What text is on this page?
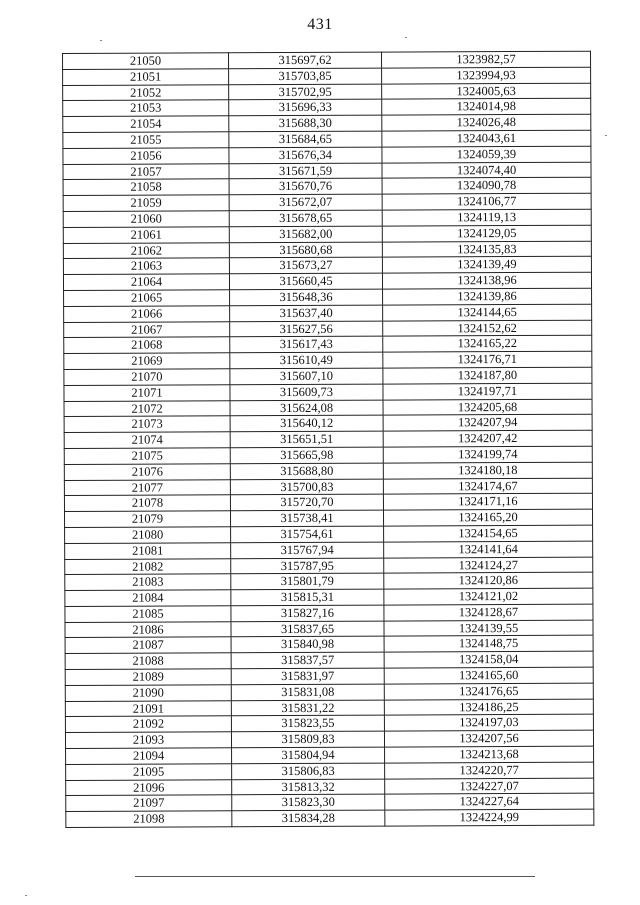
431
21050	315697,62	1323982,57
21051	315703,85	1323994,93
21052	315702,95	1324005,63
21053	315696,33	1324014,98
21054	315688,30	1324026,48
21055	315684,65	1324043,61
21056	315676,34	1324059,39
21057	315671,59	1324074,40
21058	315670,76	1324090,78
21059	315672,07	1324106,77
21060	315678,65	1324119,13
21061	315682,00	1324129,05
21062	315680,68	1324135,83
21063	315673,27	1324139,49
21064	315660,45	1324138,96
21065	315648,36	1324139,86
21066	315637,40	1324144,65
21067	315627,56	1324152,62
21068	315617,43	1324165,22
21069	315610,49	1324176,71
21070	315607,10	1324187,80
21071	315609,73	1324197,71
21072	315624,08	1324205,68
21073	315640,12	1324207,94
21074	315651,51	1324207,42
21075	315665,98	1324199,74
21076	315688,80	1324180,18
21077	315700,83	1324174,67
21078	315720,70	1324171,16
21079	315738,41	1324165,20
21080	315754,61	1324154,65
21081	315767,94	1324141,64
21082	315787,95	1324124,27
21083	315801,79	1324120,86
21084	315815,31	1324121,02
21085	315827,16	1324128,67
21086	315837,65	1324139,55
21087	315840,98	1324148,75
21088	315837,57	1324158,04
21089	315831,97	1324165,60
21090	315831,08	1324176,65
21091	315831,22	1324186,25
21092	315823,55	1324197,03
21093	315809,83	1324207,56
21094	315804,94	1324213,68
21095	315806,83	1324220,77
21096	315813,32	1324227,07
21097	315823,30	1324227,64
21098	315834,28	1324224,99
